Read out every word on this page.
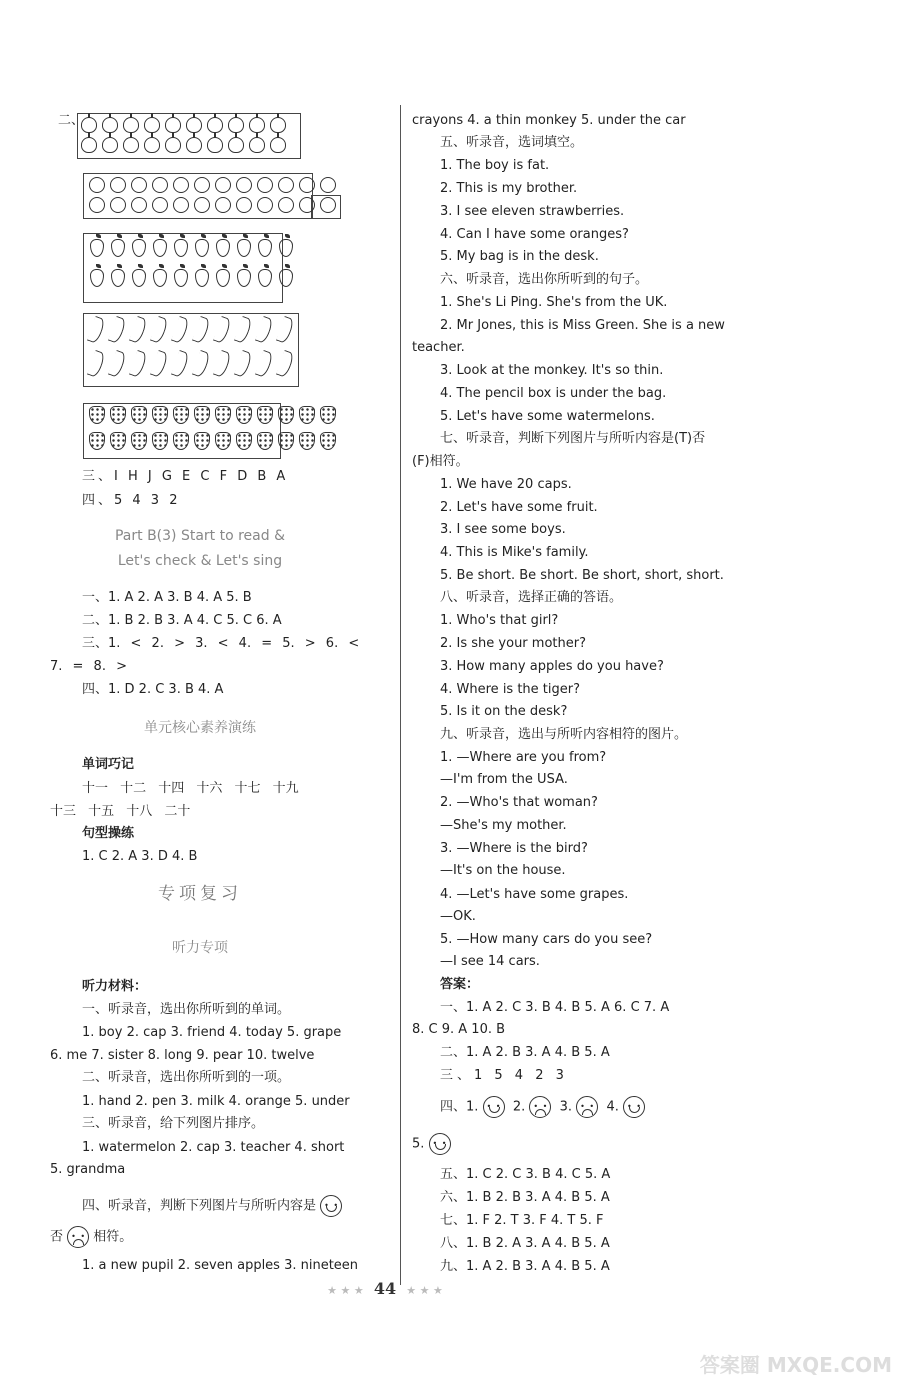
二、
三、I H J G E C F D B A
四、5 4 3 2
Part B(3) Start to read &
Let's check & Let's sing
一、1. A 2. A 3. B 4. A 5. B
二、1. B 2. B 3. A 4. C 5. C 6. A
三、1. < 2. > 3. < 4. = 5. > 6. <
7. = 8. >
四、1. D 2. C 3. B 4. A
单元核心素养演练
单词巧记
十一 十二 十四 十六 十七 十九
十三 十五 十八 二十
句型操练
1. C 2. A 3. D 4. B
专项复习
听力专项
听力材料：
一、听录音，选出你所听到的单词。
1. boy 2. cap 3. friend 4. today 5. grape
6. me 7. sister 8. long 9. pear 10. twelve
二、听录音，选出你所听到的一项。
1. hand 2. pen 3. milk 4. orange 5. under
三、听录音，给下列图片排序。
1. watermelon 2. cap 3. teacher 4. short
5. grandma
四、听录音，判断下列图片与所听内容是 • •
否 • • 相符。
1. a new pupil 2. seven apples 3. nineteen
crayons 4. a thin monkey 5. under the car
五、听录音，选词填空。
1. The boy is fat.
2. This is my brother.
3. I see eleven strawberries.
4. Can I have some oranges?
5. My bag is in the desk.
六、听录音，选出你所听到的句子。
1. She's Li Ping. She's from the UK.
2. Mr Jones, this is Miss Green. She is a new
teacher.
3. Look at the monkey. It's so thin.
4. The pencil box is under the bag.
5. Let's have some watermelons.
七、听录音，判断下列图片与所听内容是(T)否
(F)相符。
1. We have 20 caps.
2. Let's have some fruit.
3. I see some boys.
4. This is Mike's family.
5. Be short. Be short. Be short, short, short.
八、听录音，选择正确的答语。
1. Who's that girl?
2. Is she your mother?
3. How many apples do you have?
4. Where is the tiger?
5. Is it on the desk?
九、听录音，选出与所听内容相符的图片。
1. —Where are you from?
—I'm from the USA.
2. —Who's that woman?
—She's my mother.
3. —Where is the bird?
—It's on the house.
4. —Let's have some grapes.
—OK.
5. —How many cars do you see?
—I see 14 cars.
答案：
一、1. A 2. C 3. B 4. B 5. A 6. C 7. A
8. C 9. A 10. B
二、1. A 2. B 3. A 4. B 5. A
三、1 5 4 2 3
四、1. • •	2. • •	3. • •	4. • •
5. • •
五、1. C 2. C 3. B 4. C 5. A
六、1. B 2. B 3. A 4. B 5. A
七、1. F 2. T 3. F 4. T 5. F
八、1. B 2. A 3. A 4. B 5. A
九、1. A 2. B 3. A 4. B 5. A
★ ★ ★ 44 ★ ★ ★
答案圈 MXQE.COM
